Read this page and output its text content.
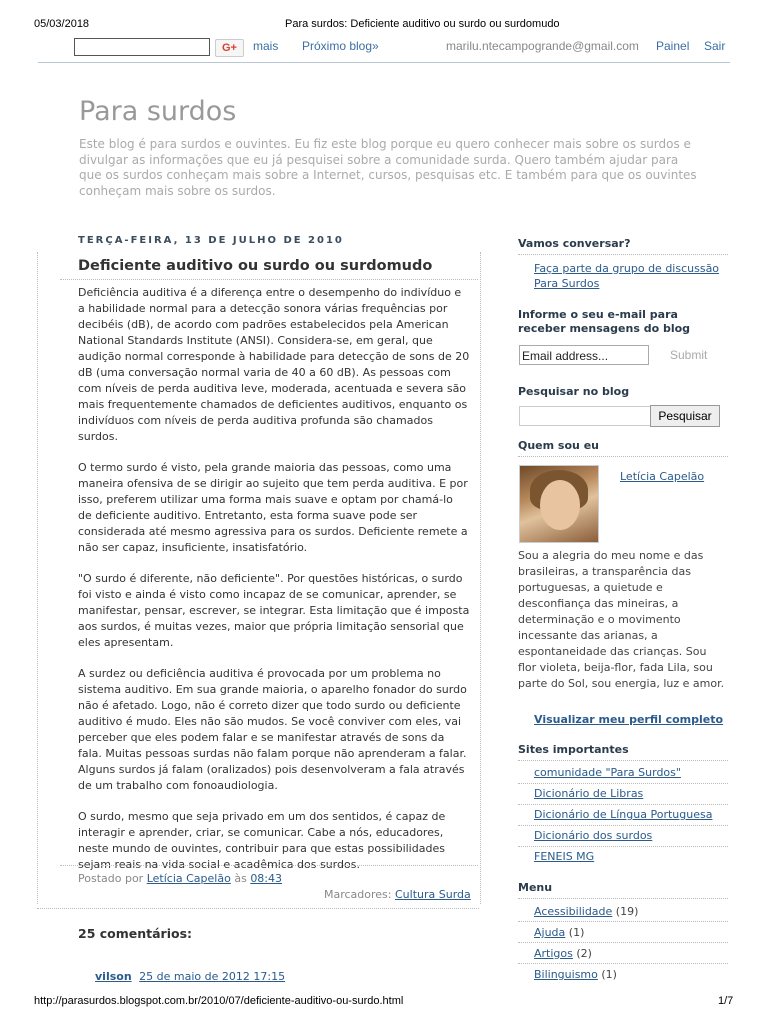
05/03/2018	Para surdos: Deficiente auditivo ou surdo ou surdomudo
G+	mais Próximo blog»	marilu.ntecampogrande@gmail.com Painel Sair
Para surdos
Este blog é para surdos e ouvintes. Eu fiz este blog porque eu quero conhecer mais sobre os surdos e divulgar as informações que eu já pesquisei sobre a comunidade surda. Quero também ajudar para que os surdos conheçam mais sobre a Internet, cursos, pesquisas etc. E também para que os ouvintes conheçam mais sobre os surdos.
TERÇA-FEIRA, 13 DE JULHO DE 2010
Deficiente auditivo ou surdo ou surdomudo

Deficiência auditiva é a diferença entre o desempenho do indivíduo e a habilidade normal para a detecção sonora várias frequências por decibéis (dB), de acordo com padrões estabelecidos pela American National Standards Institute (ANSI). Considera-se, em geral, que audição normal corresponde à habilidade para detecção de sons de 20 dB (uma conversação normal varia de 40 a 60 dB). As pessoas com com níveis de perda auditiva leve, moderada, acentuada e severa são mais frequentemente chamados de deficientes auditivos, enquanto os indivíduos com níveis de perda auditiva profunda são chamados surdos.

O termo surdo é visto, pela grande maioria das pessoas, como uma maneira ofensiva de se dirigir ao sujeito que tem perda auditiva. E por isso, preferem utilizar uma forma mais suave e optam por chamá-lo de deficiente auditivo. Entretanto, esta forma suave pode ser considerada até mesmo agressiva para os surdos. Deficiente remete a não ser capaz, insuficiente, insatisfatório.

"O surdo é diferente, não deficiente". Por questões históricas, o surdo foi visto e ainda é visto como incapaz de se comunicar, aprender, se manifestar, pensar, escrever, se integrar. Esta limitação que é imposta aos surdos, é muitas vezes, maior que própria limitação sensorial que eles apresentam.

A surdez ou deficiência auditiva é provocada por um problema no sistema auditivo. Em sua grande maioria, o aparelho fonador do surdo não é afetado. Logo, não é correto dizer que todo surdo ou deficiente auditivo é mudo. Eles não são mudos. Se você conviver com eles, vai perceber que eles podem falar e se manifestar através de sons da fala. Muitas pessoas surdas não falam porque não aprenderam a falar. Alguns surdos já falam (oralizados) pois desenvolveram a fala através de um trabalho com fonoaudiologia.

O surdo, mesmo que seja privado em um dos sentidos, é capaz de interagir e aprender, criar, se comunicar. Cabe a nós, educadores, neste mundo de ouvintes, contribuir para que estas possibilidades sejam reais na vida social e acadêmica dos surdos.

Postado por Letícia Capelão às 08:43
Marcadores: Cultura Surda
25 comentários:
vilson 25 de maio de 2012 17:15
Vamos conversar?
Faça parte da grupo de discussão Para Surdos
Informe o seu e-mail para receber mensagens do blog
Email address...	Submit
Pesquisar no blog
Pesquisar
Quem sou eu
Letícia Capelão
Sou a alegria do meu nome e das brasileiras, a transparência das portuguesas, a quietude e desconfiança das mineiras, a determinação e o movimento incessante das arianas, a espontaneidade das crianças. Sou flor violeta, beija-flor, fada Lila, sou parte do Sol, sou energia, luz e amor.
Visualizar meu perfil completo
Sites importantes
comunidade "Para Surdos"
Dicionário de Libras
Dicionário de Língua Portuguesa
Dicionário dos surdos
FENEIS MG
Menu
Acessibilidade (19)
Ajuda (1)
Artigos (2)
Bilinguismo (1)
http://parasurdos.blogspot.com.br/2010/07/deficiente-auditivo-ou-surdo.html	1/7
